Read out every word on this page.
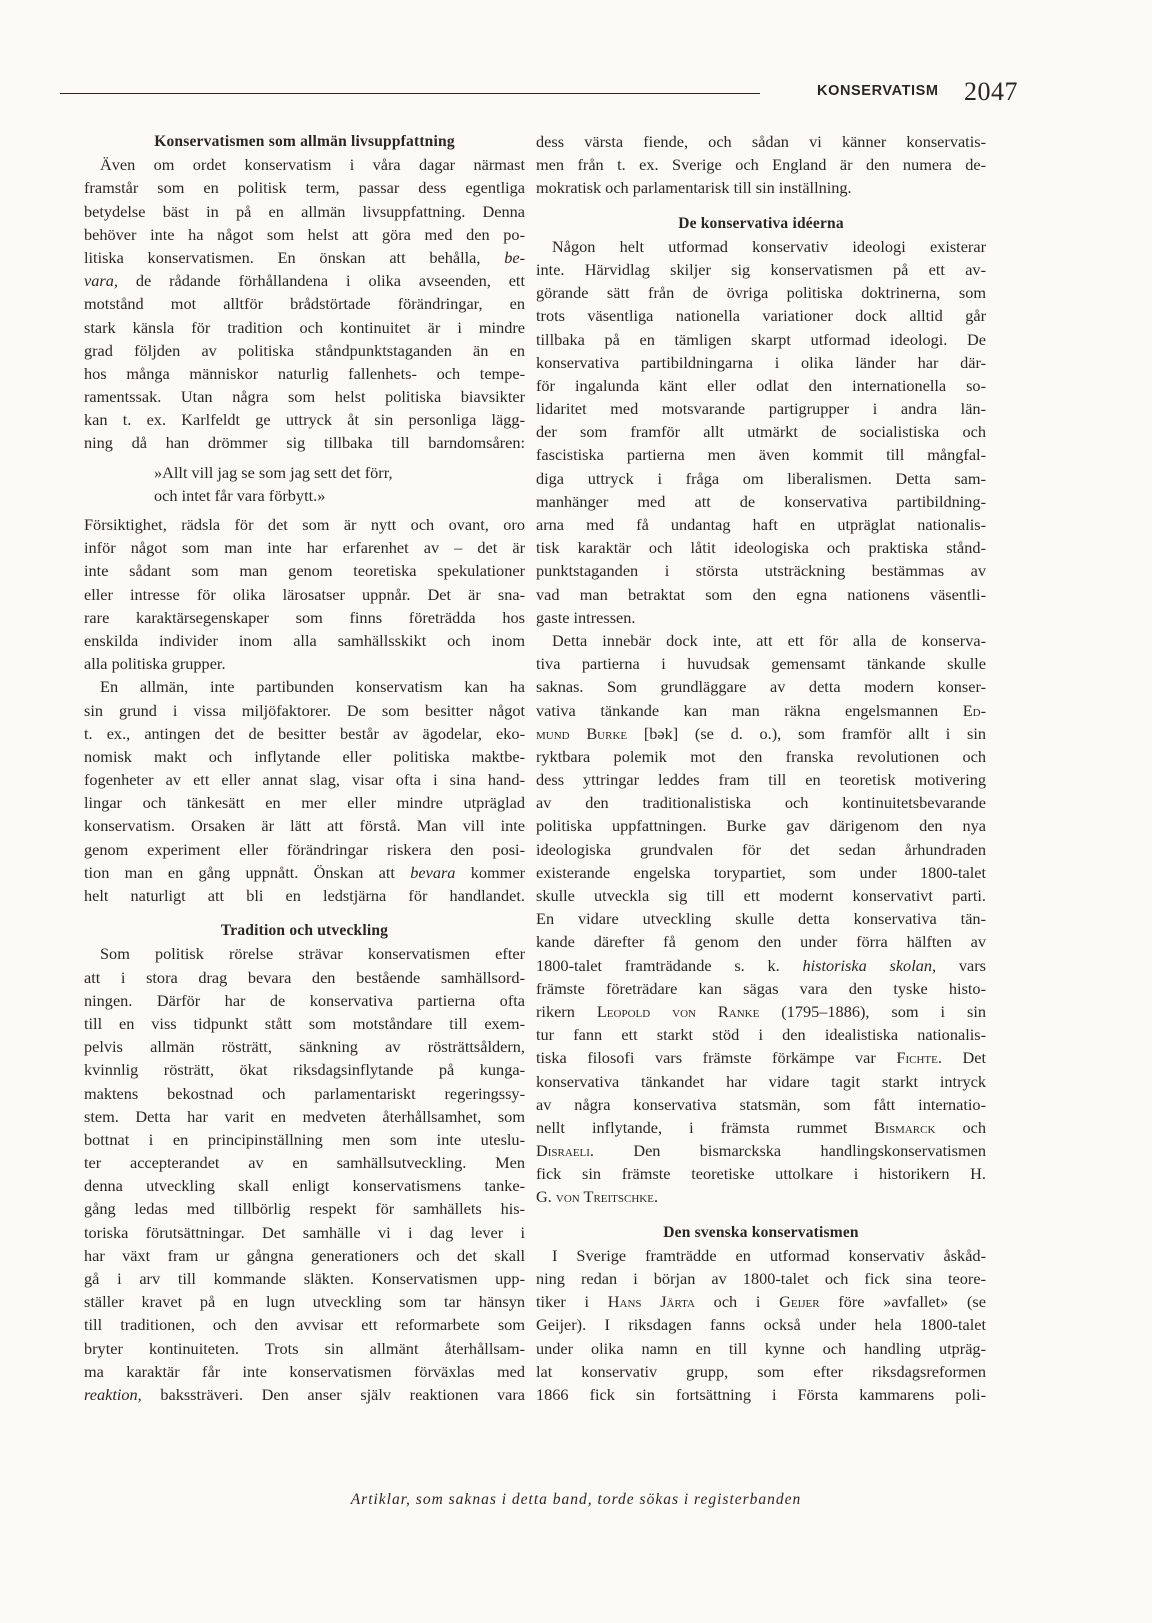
KONSERVATISM 2047
Konservatismen som allmän livsuppfattning
Även om ordet konservatism i våra dagar närmast
framstår som en politisk term, passar dess egentliga
betydelse bäst in på en allmän livsuppfattning. Denna
behöver inte ha något som helst att göra med den po-
litiska konservatismen. En önskan att behålla, be-
vara, de rådande förhållandena i olika avseenden, ett
motstånd mot alltför brådstörtade förändringar, en
stark känsla för tradition och kontinuitet är i mindre
grad följden av politiska ståndpunktstaganden än en
hos många människor naturlig fallenhets- och tempe-
ramentssak. Utan några som helst politiska biavsikter
kan t. ex. Karlfeldt ge uttryck åt sin personliga lägg-
ning då han drömmer sig tillbaka till barndomsåren:
»Allt vill jag se som jag sett det förr,
och intet får vara förbytt.»
Försiktighet, rädsla för det som är nytt och ovant, oro
inför något som man inte har erfarenhet av – det är
inte sådant som man genom teoretiska spekulationer
eller intresse för olika lärosatser uppnår. Det är sna-
rare karaktärsegenskaper som finns företrädda hos
enskilda individer inom alla samhällsskikt och inom
alla politiska grupper.
En allmän, inte partibunden konservatism kan ha
sin grund i vissa miljöfaktorer. De som besitter något
t. ex., antingen det de besitter består av ägodelar, eko-
nomisk makt och inflytande eller politiska maktbe-
fogenheter av ett eller annat slag, visar ofta i sina hand-
lingar och tänkesätt en mer eller mindre utpräglad
konservatism. Orsaken är lätt att förstå. Man vill inte
genom experiment eller förändringar riskera den posi-
tion man en gång uppnått. Önskan att bevara kommer
helt naturligt att bli en ledstjärna för handlandet.
Tradition och utveckling
Som politisk rörelse strävar konservatismen efter
att i stora drag bevara den bestående samhällsord-
ningen. Därför har de konservativa partierna ofta
till en viss tidpunkt stått som motståndare till exem-
pelvis allmän rösträtt, sänkning av rösträttsåldern,
kvinnlig rösträtt, ökat riksdagsinflytande på kunga-
maktens bekostnad och parlamentariskt regeringssy-
stem. Detta har varit en medveten återhållsamhet, som
bottnat i en principinställning men som inte uteslu-
ter accepterandet av en samhällsutveckling. Men
denna utveckling skall enligt konservatismens tanke-
gång ledas med tillbörlig respekt för samhällets his-
toriska förutsättningar. Det samhälle vi i dag lever i
har växt fram ur gångna generationers och det skall
gå i arv till kommande släkten. Konservatismen upp-
ställer kravet på en lugn utveckling som tar hänsyn
till traditionen, och den avvisar ett reformarbete som
bryter kontinuiteten. Trots sin allmänt återhållsam-
ma karaktär får inte konservatismen förväxlas med
reaktion, bakssträveri. Den anser själv reaktionen vara
dess värsta fiende, och sådan vi känner konservatis-
men från t. ex. Sverige och England är den numera de-
mokratisk och parlamentarisk till sin inställning.
De konservativa idéerna
Någon helt utformad konservativ ideologi existerar
inte. Härvidlag skiljer sig konservatismen på ett av-
görande sätt från de övriga politiska doktrinerna, som
trots väsentliga nationella variationer dock alltid går
tillbaka på en tämligen skarpt utformad ideologi. De
konservativa partibildningarna i olika länder har där-
för ingalunda känt eller odlat den internationella so-
lidaritet med motsvarande partigrupper i andra län-
der som framför allt utmärkt de socialistiska och
fascistiska partierna men även kommit till mångfal-
diga uttryck i fråga om liberalismen. Detta sam-
manhänger med att de konservativa partibildning-
arna med få undantag haft en utpräglat nationalis-
tisk karaktär och låtit ideologiska och praktiska stånd-
punktstaganden i största utsträckning bestämmas av
vad man betraktat som den egna nationens väsentli-
gaste intressen.
Detta innebär dock inte, att ett för alla de konserva-
tiva partierna i huvudsak gemensamt tänkande skulle
saknas. Som grundläggare av detta modern konser-
vativa tänkande kan man räkna engelsmannen Ed-
mund Burke [bək] (se d. o.), som framför allt i sin
ryktbara polemik mot den franska revolutionen och
dess yttringar leddes fram till en teoretisk motivering
av den traditionalistiska och kontinuitetsbevarande
politiska uppfattningen. Burke gav därigenom den nya
ideologiska grundvalen för det sedan århundraden
existerande engelska torypartiet, som under 1800-talet
skulle utveckla sig till ett modernt konservativt parti.
En vidare utveckling skulle detta konservativa tän-
kande därefter få genom den under förra hälften av
1800-talet framträdande s. k. historiska skolan, vars
främste företrädare kan sägas vara den tyske histo-
rikern Leopold von Ranke (1795–1886), som i sin
tur fann ett starkt stöd i den idealistiska nationalis-
tiska filosofi vars främste förkämpe var Fichte. Det
konservativa tänkandet har vidare tagit starkt intryck
av några konservativa statsmän, som fått internatio-
nellt inflytande, i främsta rummet Bismarck och
Disraeli. Den bismarckska handlingskonservatismen
fick sin främste teoretiske uttolkare i historikern H.
G. von Treitschke.
Den svenska konservatismen
I Sverige framträdde en utformad konservativ åskåd-
ning redan i början av 1800-talet och fick sina teore-
tiker i Hans Järta och i Geijer före »avfallet» (se
Geijer). I riksdagen fanns också under hela 1800-talet
under olika namn en till kynne och handling utpräg-
lat konservativ grupp, som efter riksdagsreformen
1866 fick sin fortsättning i Första kammarens poli-
Artiklar, som saknas i detta band, torde sökas i registerbanden
